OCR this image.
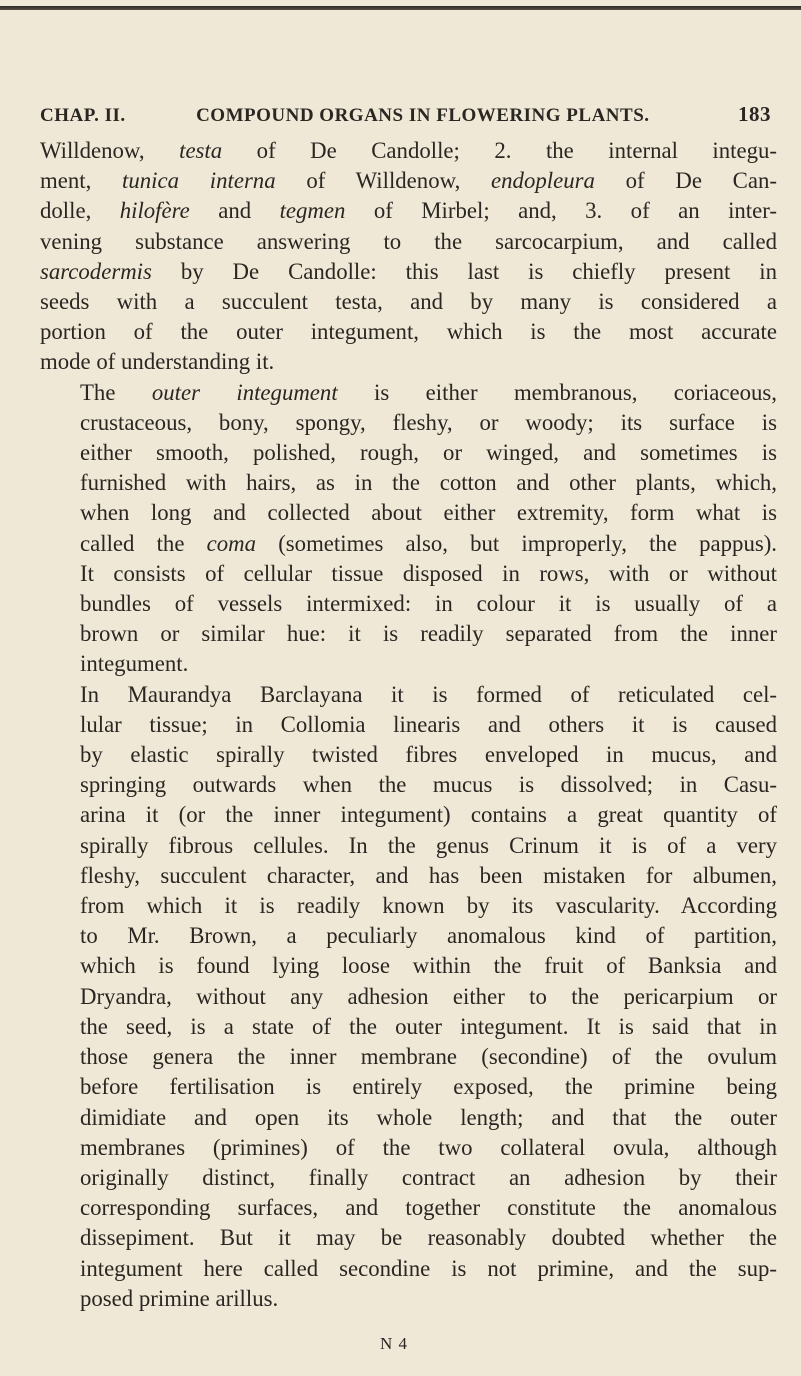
CHAP. II.	COMPOUND ORGANS IN FLOWERING PLANTS.	183
Willdenow, testa of De Candolle; 2. the internal integu-
ment, tunica interna of Willdenow, endopleura of De Can-
dolle, hilofère and tegmen of Mirbel; and, 3. of an inter-
vening substance answering to the sarcocarpium, and called
sarcodermis by De Candolle: this last is chiefly present in
seeds with a succulent testa, and by many is considered a
portion of the outer integument, which is the most accurate
mode of understanding it.
The outer integument is either membranous, coriaceous,
crustaceous, bony, spongy, fleshy, or woody; its surface is
either smooth, polished, rough, or winged, and sometimes is
furnished with hairs, as in the cotton and other plants, which,
when long and collected about either extremity, form what is
called the coma (sometimes also, but improperly, the pappus).
It consists of cellular tissue disposed in rows, with or without
bundles of vessels intermixed: in colour it is usually of a
brown or similar hue: it is readily separated from the inner
integument.
In Maurandya Barclayana it is formed of reticulated cel-
lular tissue; in Collomia linearis and others it is caused
by elastic spirally twisted fibres enveloped in mucus, and
springing outwards when the mucus is dissolved; in Casu-
arina it (or the inner integument) contains a great quantity of
spirally fibrous cellules. In the genus Crinum it is of a very
fleshy, succulent character, and has been mistaken for albumen,
from which it is readily known by its vascularity. According
to Mr. Brown, a peculiarly anomalous kind of partition,
which is found lying loose within the fruit of Banksia and
Dryandra, without any adhesion either to the pericarpium or
the seed, is a state of the outer integument. It is said that in
those genera the inner membrane (secondine) of the ovulum
before fertilisation is entirely exposed, the primine being
dimidiate and open its whole length; and that the outer
membranes (primines) of the two collateral ovula, although
originally distinct, finally contract an adhesion by their
corresponding surfaces, and together constitute the anomalous
dissepiment. But it may be reasonably doubted whether the
integument here called secondine is not primine, and the sup-
posed primine arillus.
N 4
